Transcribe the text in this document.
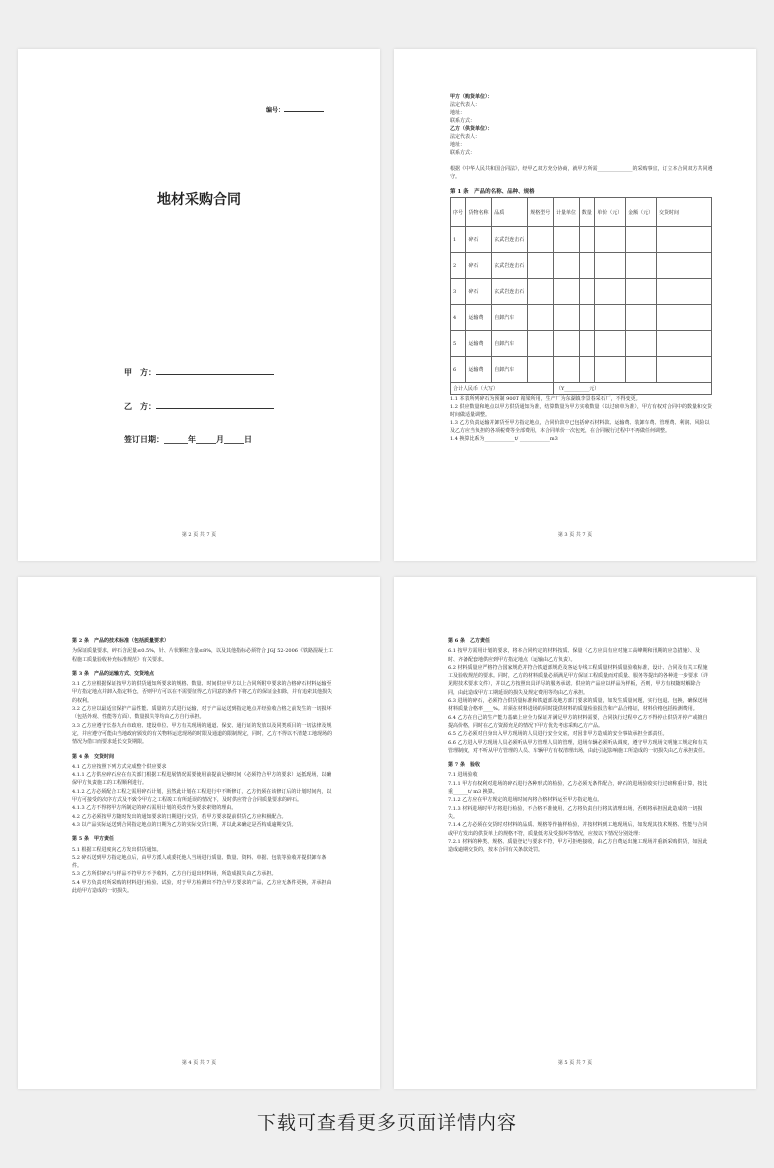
编号：
地材采购合同
甲　方：
乙　方：
签订日期：______年_____月_____日
第 2 页 共 7 页
甲方（购货单位）：
法定代表人：
地址：
联系方式：
乙方（供货单位）：
法定代表人：
地址：
联系方式：
根据《中华人民共和国合同法》，经甲乙双方充分协商，就甲方所需______________的采购事宜，订立本合同双方共同遵守。
第 1 条　产品的名称、品种、规格
序号	货物名称	品质	规格型号	计量单位	数量	单价（元）	金额（元）	交货时间
1	碎石	玄武岩连击石						
2	碎石	玄武岩连击石						
3	碎石	玄武岩连击石						
4	运输费	自卸汽车						
5	运输费	自卸汽车						
6	运输费	自卸汽车						
合计人民币（大写）				（Y__________元）				
1.1 本表所列碎石为预制 900T 箱梁所用，生产厂为东湖镇李景春采石厂，不得变更。
1.2 供应数量和地点以甲方供货通知为准，结算数量为甲方实收数量（以过磅单为准），甲方有权对合同中的数量和交货时间做适量调整。
1.3 乙方负责运输并卸货至甲方指定地点，合同价款中已包括碎石材料款、运输费、装卸车费、管理费、利润、风险以及乙方应当负担的各项税费等全部费用，本合同单价一次包死，在合同履行过程中不再做任何调整。
1.4 换算比系为____________t/ ____________m3
第 3 页 共 7 页

第 2 条　产品的技术标准（包括质量要求）

为保证质量要求，碎石含泥量≤0.5%，针、片状颗粒含量≤8%，以及其他指标必须符合 JGJ 52-2006《铁路混凝土工程施工质量验收补充标准规范》有关要求。

第 3 条　产品的运输方式、交货地点

3.1 乙方应根据保证按甲方的供货通知所要求的规格、数量、时间供应甲方以上合同所附中要求的合格碎石材料运输至甲方指定地点并卸入指定料仓，否则甲方可以在不需要征得乙方同意的条件下将乙方的保证金扣除，并有追索其他损失的权利。

3.2 乙方应以最适宜保护产品性能、质量的方式进行运输，对于产品运送到指定地点并经验收合格之前发生的一切损坏（包括外观、性能等方面）、数量损失等均由乙方自行承担。

3.3 乙方应遵守长春九台市政府、建设单位、甲方有关现场的通道、保安、通行证的发放以及同类项目的一切法律及规定，并应遵守可能由当地政府颁发的有关物料运送现场的时限及通道的限制规定，同时，乙方不得以不清楚工地现场的情况为借口而要求延长交货期限。

第 4 条　交货时间

4.1 乙方应按照下列方式完成整个供应要求

4.1.1 乙方供应碎石应在有关部门根据工程进展情况需要使用前提前足够时间（必须符合甲方的要求）运抵现场，以确保甲方负责施工的工程顺利进行。

4.1.2 乙方必须配合工程之需用碎石计划，虽然此计划在工程进行中不断修订，乙方仍须在该修订后的计划时间内，以甲方可接受的次序方式及不致令甲方之工程竣工有所延误的情况下，及时供应符合合同质量要求的碎石。

4.1.3 乙方不得将甲方所制定的碎石需用计划的更改作为要求索赔的理由。

4.2 乙方必须按甲方随时发出的通知要求的日期进行交货，若甲方要求提前供货乙方应积极配合。

4.3 以产品实际运送到合同指定地点的日期为乙方的实际交货日期，并以此来确定是否构成逾期交货。

第 5 条　甲方责任

5.1 根据工程进度向乙方发出供货通知。

5.2 碎石送到甲方指定地点后，由甲方派人或委托他人当场进行质量、数量、资料、单据、包装等验收并提供卸车条件。

5.3 乙方所供碎石与样品不符甲方不予收料，乙方自行退出材料场，所造成损失由乙方承担。

5.4 甲方负责对所采购的材料进行检验、试验，对于甲方检测出不符合甲方要求的产品，乙方应无条件更换，并承担由此给甲方造成的一切损失。

第 4 页 共 7 页

第 6 条　乙方责任

6.1 按甲方需用计划的要求，将本合同约定的材料按质、保量（乙方应具有应对施工高峰期和汛期的应急措施）、及时、齐备配套地供应到甲方指定地点（运输由乙方负责）。

6.2 材料质量应严格符合国家规范并符合铁道部规范及客运专线工程质量材料质量验收标准，设计、合同及有关工程施工及验收规范的要求。同时，乙方的材料质量必须满足甲方保证工程质量而对质量、服务等提出的各种进一步要求（详见附技术要求文件），并以乙方按照出具详尽的服务承诺。供应的产品应以样品为样板，否则，甲方有权随时解除合同，由此造成甲方工期延误的损失及规定费用等均由乙方承担。

6.3 进场的碎石，必须符合供货量标准和铁道部及地方部门要求的质量，如发生质量问题，实行包退、包换，确保送场材料质量合格率____%。并须在材料进场的同时提供材料的质量检验报告和产品合格证，材料价格包括检测费用。

6.4 乙方在自己的生产能力基础上应全力保证并满足甲方的材料需要，合同执行过程中乙方不得停止供货并停产或擅自提高价格，同时在乙方资源充足的情况下甲方优先考虑采购乙方产品。

6.5 乙方必须对自身出入甲方现场的人员进行安全交底，对因非甲方造成的安全事故承担全部责任。

6.6 乙方进入甲方现场人员必须听从甲方管理人员的管理，进场车辆必须听从调度，遵守甲方现场文明施工规定和有关管理制度，对不听从甲方管理的人员、车辆甲方有权清理出场，由此引起影响施工所造成的一切损失由乙方承担责任。

第 7 条　验收

7.1 进场验收

7.1.1 甲方有权利对进场的碎石进行各种形式的检验，乙方必须无条件配合，碎石的进场验收实行过磅称重计算，按比重______t/ m3 换算。

7.1.2 乙方应在甲方规定的进场时间内将合格材料运至甲方指定地点。

7.1.3 材料进场时甲方将进行检验，不合格不准使用，乙方将负责自行将其清理出场，否则将承担因此造成的一切损失。

7.1.4 乙方必须在交货时对材料的品质、规格等作抽样检验，并按材料到工地现场后，如发现其技术规格、性能与合同或甲方发出的供货单上的规格不符，质量低劣及受损坏等情况，应按以下情况分别处理：

7.2.1 材料的种类、规格、质量登记与要求不符，甲方可拒绝接收，由乙方自费运出施工现场并重新采购供货，如因此造成逾期交货的，按本合同有关条款处罚。

第 5 页 共 7 页
下载可查看更多页面详情内容
